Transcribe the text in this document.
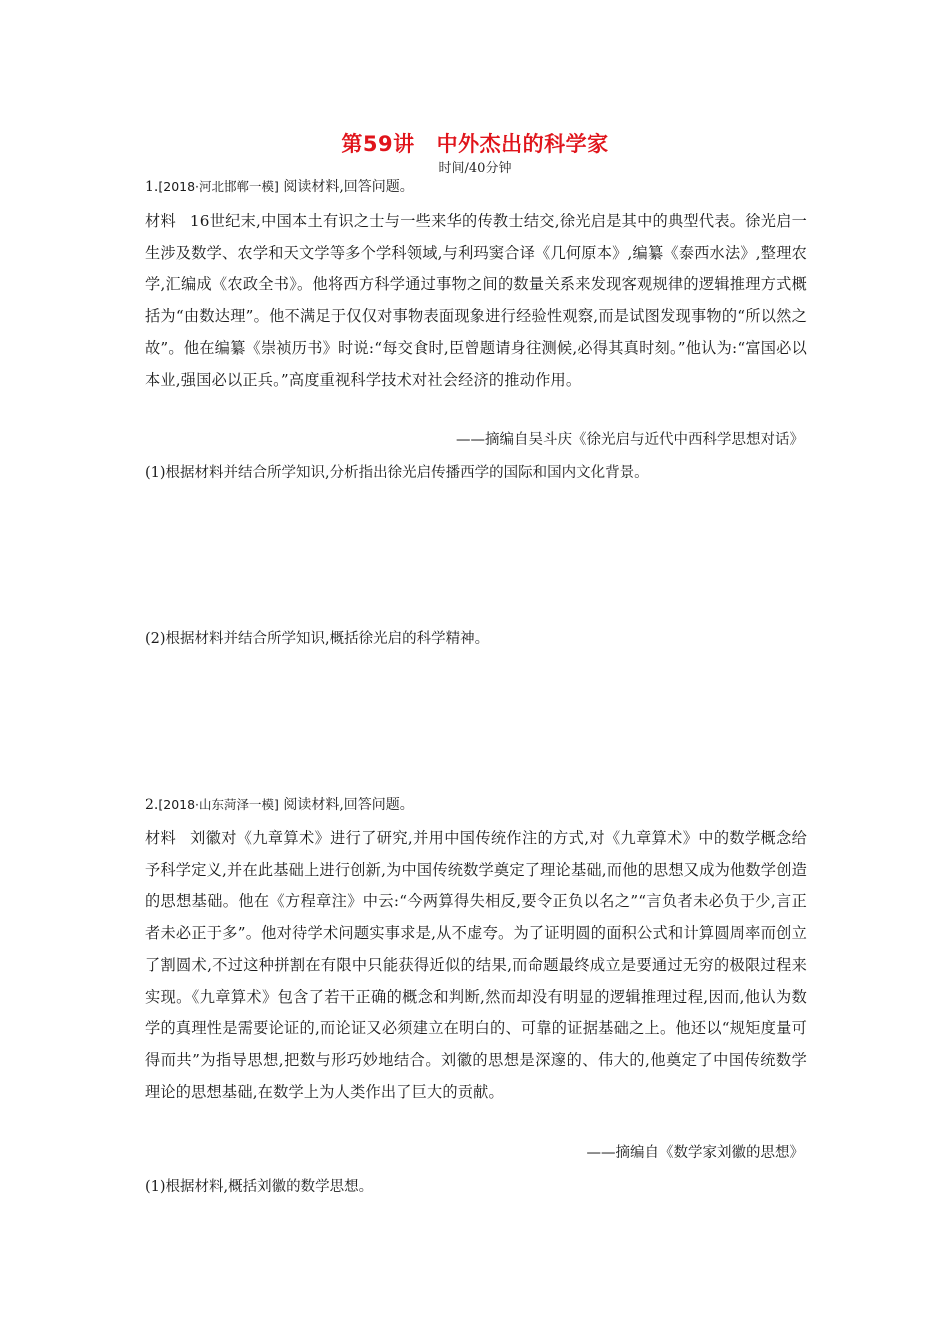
第59讲 中外杰出的科学家
时间/40分钟
1.[2018·河北邯郸一模] 阅读材料,回答问题。

材料 16世纪末,中国本土有识之士与一些来华的传教士结交,徐光启是其中的典型代表。徐光启一生涉及数学、农学和天文学等多个学科领域,与利玛窦合译《几何原本》,编纂《泰西水法》,整理农学,汇编成《农政全书》。他将西方科学通过事物之间的数量关系来发现客观规律的逻辑推理方式概括为“由数达理”。他不满足于仅仅对事物表面现象进行经验性观察,而是试图发现事物的“所以然之故”。他在编纂《崇祯历书》时说:“每交食时,臣曾题请身往测候,必得其真时刻。”他认为:“富国必以本业,强国必以正兵。”高度重视科学技术对社会经济的推动作用。

——摘编自吴斗庆《徐光启与近代中西科学思想对话》
(1)根据材料并结合所学知识,分析指出徐光启传播西学的国际和国内文化背景。
(2)根据材料并结合所学知识,概括徐光启的科学精神。
2.[2018·山东菏泽一模] 阅读材料,回答问题。

材料 刘徽对《九章算术》进行了研究,并用中国传统作注的方式,对《九章算术》中的数学概念给予科学定义,并在此基础上进行创新,为中国传统数学奠定了理论基础,而他的思想又成为他数学创造的思想基础。他在《方程章注》中云:“今两算得失相反,要令正负以名之”“言负者未必负于少,言正者未必正于多”。他对待学术问题实事求是,从不虚夸。为了证明圆的面积公式和计算圆周率而创立了割圆术,不过这种拼割在有限中只能获得近似的结果,而命题最终成立是要通过无穷的极限过程来实现。《九章算术》包含了若干正确的概念和判断,然而却没有明显的逻辑推理过程,因而,他认为数学的真理性是需要论证的,而论证又必须建立在明白的、可靠的证据基础之上。他还以“规矩度量可得而共”为指导思想,把数与形巧妙地结合。刘徽的思想是深邃的、伟大的,他奠定了中国传统数学理论的思想基础,在数学上为人类作出了巨大的贡献。

——摘编自《数学家刘徽的思想》
(1)根据材料,概括刘徽的数学思想。
